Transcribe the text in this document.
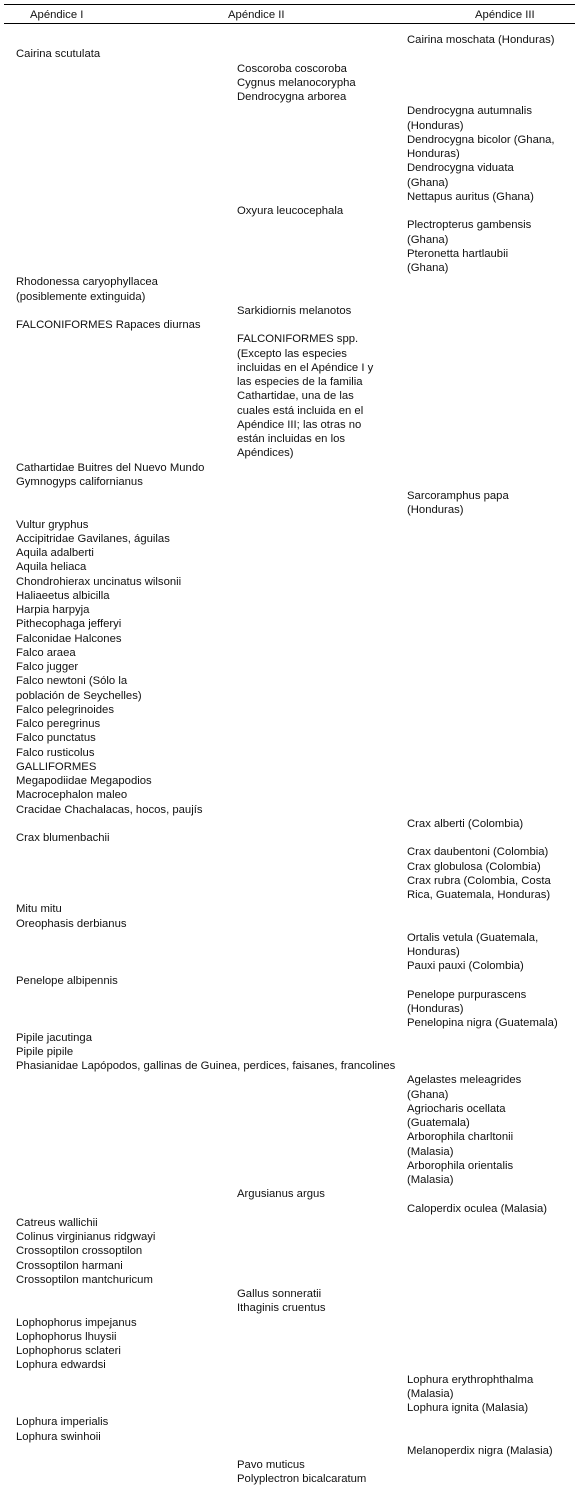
Apéndice I	Apéndice II	Apéndice III
Cairina moschata (Honduras)
Cairina scutulata
Coscoroba coscoroba
Cygnus melanocorypha
Dendrocygna arborea
Dendrocygna autumnalis
(Honduras)
Dendrocygna bicolor (Ghana,
Honduras)
Dendrocygna viduata
(Ghana)
Nettapus auritus (Ghana)
Oxyura leucocephala
Plectropterus gambensis
(Ghana)
Pteronetta hartlaubii
(Ghana)
Rhodonessa caryophyllacea
(posiblemente extinguida)
Sarkidiornis melanotos
FALCONIFORMES Rapaces diurnas
FALCONIFORMES spp.
(Excepto las especies
incluidas en el Apéndice I y
las especies de la familia
Cathartidae, una de las
cuales está incluida en el
Apéndice III; las otras no
están incluidas en los
Apéndices)
Cathartidae Buitres del Nuevo Mundo
Gymnogyps californianus
Sarcoramphus papa
(Honduras)
Vultur gryphus
Accipitridae Gavilanes, águilas
Aquila adalberti
Aquila heliaca
Chondrohierax uncinatus wilsonii
Haliaeetus albicilla
Harpia harpyja
Pithecophaga jefferyi
Falconidae Halcones
Falco araea
Falco jugger
Falco newtoni (Sólo la
población de Seychelles)
Falco pelegrinoides
Falco peregrinus
Falco punctatus
Falco rusticolus
GALLIFORMES
Megapodiidae Megapodios
Macrocephalon maleo
Cracidae Chachalacas, hocos, paujís
Crax alberti (Colombia)
Crax blumenbachii
Crax daubentoni (Colombia)
Crax globulosa (Colombia)
Crax rubra (Colombia, Costa
Rica, Guatemala, Honduras)
Mitu mitu
Oreophasis derbianus
Ortalis vetula (Guatemala,
Honduras)
Pauxi pauxi (Colombia)
Penelope albipennis
Penelope purpurascens
(Honduras)
Penelopina nigra (Guatemala)
Pipile jacutinga
Pipile pipile
Phasianidae Lapópodos, gallinas de Guinea, perdices, faisanes, francolines
Agelastes meleagrides
(Ghana)
Agriocharis ocellata
(Guatemala)
Arborophila charltonii
(Malasia)
Arborophila orientalis
(Malasia)
Argusianus argus
Caloperdix oculea (Malasia)
Catreus wallichii
Colinus virginianus ridgwayi
Crossoptilon crossoptilon
Crossoptilon harmani
Crossoptilon mantchuricum
Gallus sonneratii
Ithaginis cruentus
Lophophorus impejanus
Lophophorus lhuysii
Lophophorus sclateri
Lophura edwardsi
Lophura erythrophthalma
(Malasia)
Lophura ignita (Malasia)
Lophura imperialis
Lophura swinhoii
Melanoperdix nigra (Malasia)
Pavo muticus
Polyplectron bicalcaratum
